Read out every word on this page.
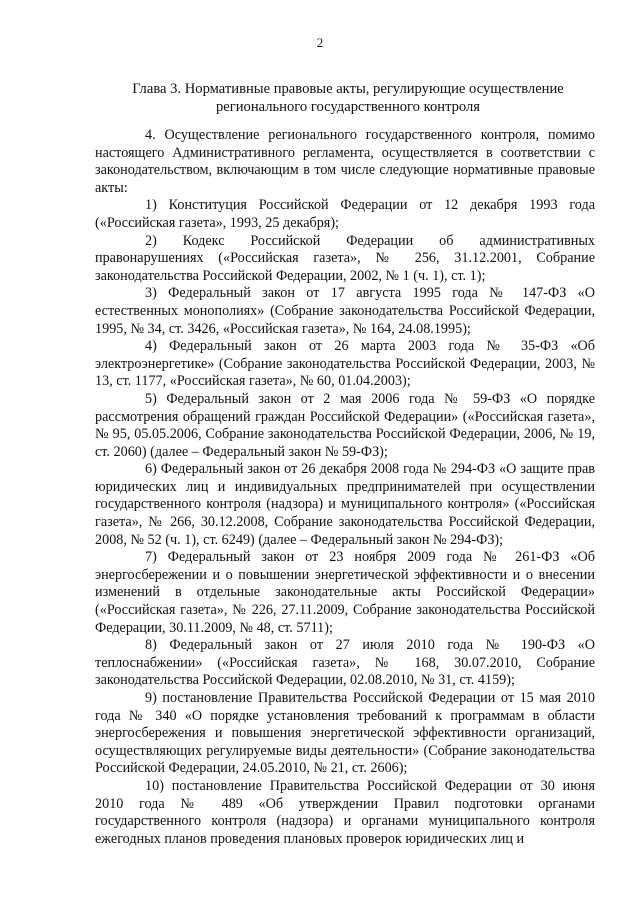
2
Глава 3. Нормативные правовые акты, регулирующие осуществление
регионального государственного контроля

4. Осуществление регионального государственного контроля, помимо настоящего Административного регламента, осуществляется в соответствии с законодательством, включающим в том числе следующие нормативные правовые акты:

1) Конституция Российской Федерации от 12 декабря 1993 года («Российская газета», 1993, 25 декабря);

2) Кодекс Российской Федерации об административных правонарушениях («Российская газета», № 256, 31.12.2001, Собрание законодательства Российской Федерации, 2002, № 1 (ч. 1), ст. 1);

3) Федеральный закон от 17 августа 1995 года № 147-ФЗ «О естественных монополиях» (Собрание законодательства Российской Федерации, 1995, № 34, ст. 3426, «Российская газета», № 164, 24.08.1995);

4) Федеральный закон от 26 марта 2003 года № 35-ФЗ «Об электроэнергетике» (Собрание законодательства Российской Федерации, 2003, № 13, ст. 1177, «Российская газета», № 60, 01.04.2003);

5) Федеральный закон от 2 мая 2006 года № 59-ФЗ «О порядке рассмотрения обращений граждан Российской Федерации» («Российская газета», № 95, 05.05.2006, Собрание законодательства Российской Федерации, 2006, № 19, ст. 2060) (далее – Федеральный закон № 59-ФЗ);

6) Федеральный закон от 26 декабря 2008 года № 294-ФЗ «О защите прав юридических лиц и индивидуальных предпринимателей при осуществлении государственного контроля (надзора) и муниципального контроля» («Российская газета», № 266, 30.12.2008, Собрание законодательства Российской Федерации, 2008, № 52 (ч. 1), ст. 6249) (далее – Федеральный закон № 294-ФЗ);

7) Федеральный закон от 23 ноября 2009 года № 261-ФЗ «Об энергосбережении и о повышении энергетической эффективности и о внесении изменений в отдельные законодательные акты Российской Федерации» («Российская газета», № 226, 27.11.2009, Собрание законодательства Российской Федерации, 30.11.2009, № 48, ст. 5711);

8) Федеральный закон от 27 июля 2010 года № 190-ФЗ «О теплоснабжении» («Российская газета», № 168, 30.07.2010, Собрание законодательства Российской Федерации, 02.08.2010, № 31, ст. 4159);

9) постановление Правительства Российской Федерации от 15 мая 2010 года № 340 «О порядке установления требований к программам в области энергосбережения и повышения энергетической эффективности организаций, осуществляющих регулируемые виды деятельности» (Собрание законодательства Российской Федерации, 24.05.2010, № 21, ст. 2606);

10) постановление Правительства Российской Федерации от 30 июня 2010 года № 489 «Об утверждении Правил подготовки органами государственного контроля (надзора) и органами муниципального контроля ежегодных планов проведения плановых проверок юридических лиц и
